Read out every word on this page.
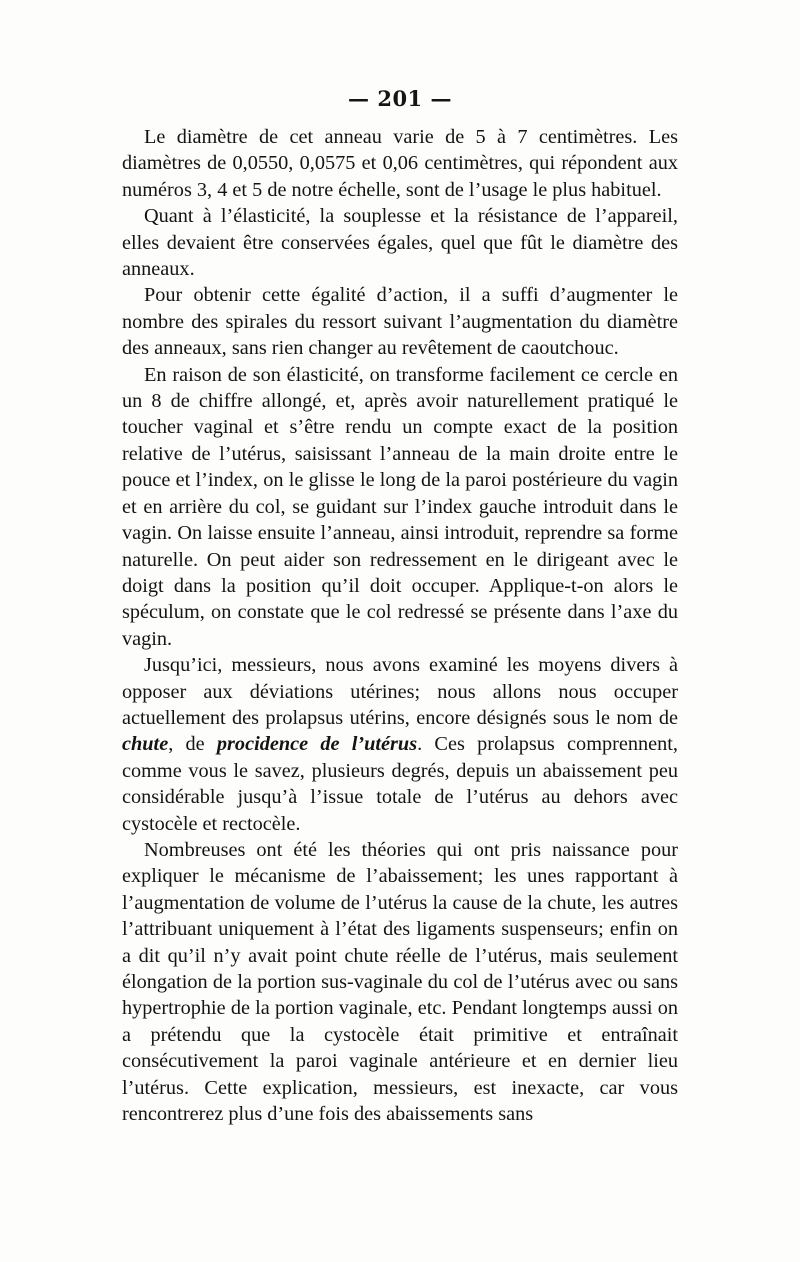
— 201 —

Le diamètre de cet anneau varie de 5 à 7 centimètres. Les diamètres de 0,0550, 0,0575 et 0,06 centimètres, qui répondent aux numéros 3, 4 et 5 de notre échelle, sont de l’usage le plus habituel.

Quant à l’élasticité, la souplesse et la résistance de l’appareil, elles devaient être conservées égales, quel que fût le diamètre des anneaux.

Pour obtenir cette égalité d’action, il a suffi d’augmenter le nombre des spirales du ressort suivant l’augmentation du diamètre des anneaux, sans rien changer au revêtement de caoutchouc.

En raison de son élasticité, on transforme facilement ce cercle en un 8 de chiffre allongé, et, après avoir naturellement pratiqué le toucher vaginal et s’être rendu un compte exact de la position relative de l’utérus, saisissant l’anneau de la main droite entre le pouce et l’index, on le glisse le long de la paroi postérieure du vagin et en arrière du col, se guidant sur l’index gauche introduit dans le vagin. On laisse ensuite l’anneau, ainsi introduit, reprendre sa forme naturelle. On peut aider son redressement en le dirigeant avec le doigt dans la position qu’il doit occuper. Applique-t-on alors le spéculum, on constate que le col redressé se présente dans l’axe du vagin.

Jusqu’ici, messieurs, nous avons examiné les moyens divers à opposer aux déviations utérines; nous allons nous occuper actuellement des prolapsus utérins, encore désignés sous le nom de chute, de procidence de l’utérus. Ces prolapsus comprennent, comme vous le savez, plusieurs degrés, depuis un abaissement peu considérable jusqu’à l’issue totale de l’utérus au dehors avec cystocèle et rectocèle.

Nombreuses ont été les théories qui ont pris naissance pour expliquer le mécanisme de l’abaissement; les unes rapportant à l’augmentation de volume de l’utérus la cause de la chute, les autres l’attribuant uniquement à l’état des ligaments suspenseurs; enfin on a dit qu’il n’y avait point chute réelle de l’utérus, mais seulement élongation de la portion sus-vaginale du col de l’utérus avec ou sans hypertrophie de la portion vaginale, etc. Pendant longtemps aussi on a prétendu que la cystocèle était primitive et entraînait consécutivement la paroi vaginale antérieure et en dernier lieu l’utérus. Cette explication, messieurs, est inexacte, car vous rencontrerez plus d’une fois des abaissements sans
